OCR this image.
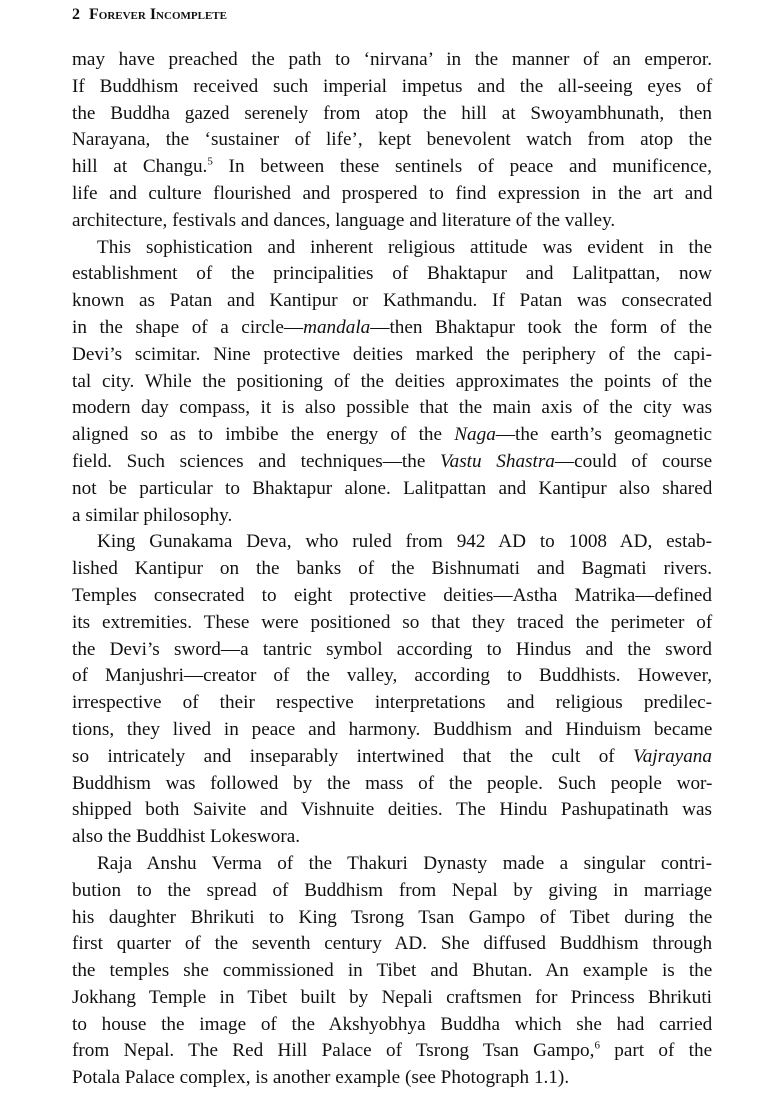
2 Forever Incomplete
may have preached the path to ‘nirvana’ in the manner of an emperor.
If Buddhism received such imperial impetus and the all-seeing eyes of
the Buddha gazed serenely from atop the hill at Swoyambhunath, then
Narayana, the ‘sustainer of life’, kept benevolent watch from atop the
hill at Changu.$^5$ In between these sentinels of peace and munificence,
life and culture flourished and prospered to find expression in the art and
architecture, festivals and dances, language and literature of the valley.
This sophistication and inherent religious attitude was evident in the
establishment of the principalities of Bhaktapur and Lalitpattan, now
known as Patan and Kantipur or Kathmandu. If Patan was consecrated
in the shape of a circle—mandala—then Bhaktapur took the form of the
Devi’s scimitar. Nine protective deities marked the periphery of the capi-
tal city. While the positioning of the deities approximates the points of the
modern day compass, it is also possible that the main axis of the city was
aligned so as to imbibe the energy of the Naga—the earth’s geomagnetic
field. Such sciences and techniques—the Vastu Shastra—could of course
not be particular to Bhaktapur alone. Lalitpattan and Kantipur also shared
a similar philosophy.
King Gunakama Deva, who ruled from 942 AD to 1008 AD, estab-
lished Kantipur on the banks of the Bishnumati and Bagmati rivers.
Temples consecrated to eight protective deities—Astha Matrika—defined
its extremities. These were positioned so that they traced the perimeter of
the Devi’s sword—a tantric symbol according to Hindus and the sword
of Manjushri—creator of the valley, according to Buddhists. However,
irrespective of their respective interpretations and religious predilec-
tions, they lived in peace and harmony. Buddhism and Hinduism became
so intricately and inseparably intertwined that the cult of Vajrayana
Buddhism was followed by the mass of the people. Such people wor-
shipped both Saivite and Vishnuite deities. The Hindu Pashupatinath was
also the Buddhist Lokeswora.
Raja Anshu Verma of the Thakuri Dynasty made a singular contri-
bution to the spread of Buddhism from Nepal by giving in marriage
his daughter Bhrikuti to King Tsrong Tsan Gampo of Tibet during the
first quarter of the seventh century AD. She diffused Buddhism through
the temples she commissioned in Tibet and Bhutan. An example is the
Jokhang Temple in Tibet built by Nepali craftsmen for Princess Bhrikuti
to house the image of the Akshyobhya Buddha which she had carried
from Nepal. The Red Hill Palace of Tsrong Tsan Gampo,$^6$ part of the
Potala Palace complex, is another example (see Photograph 1.1).
